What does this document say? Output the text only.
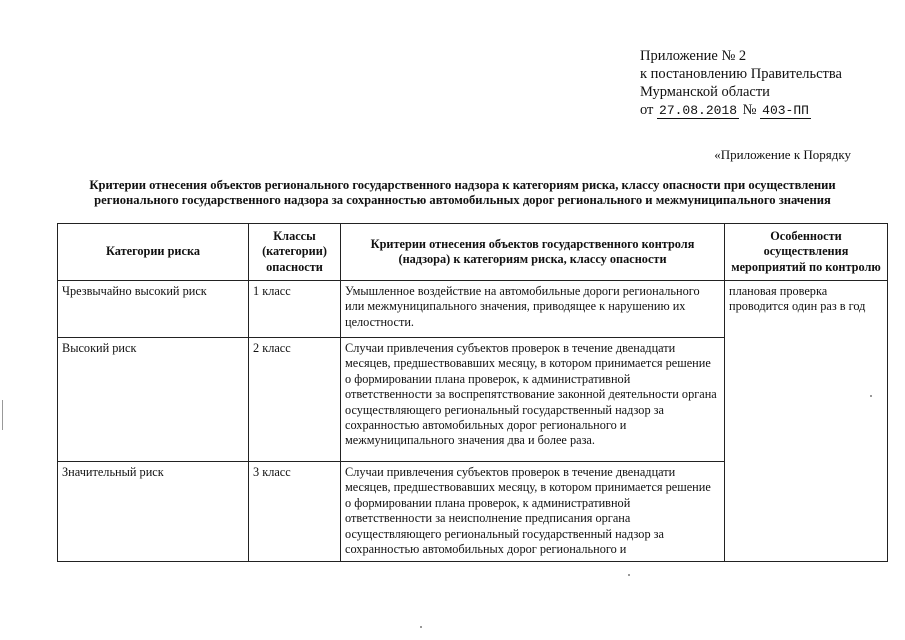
Приложение № 2
к постановлению Правительства
Мурманской области
от 27.08.2018 № 403-ПП
«Приложение к Порядку
Критерии отнесения объектов регионального государственного надзора к категориям риска, классу опасности при осуществлении
регионального государственного надзора за сохранностью автомобильных дорог регионального и межмуниципального значения
Категории риска	Классы (категории) опасности	Критерии отнесения объектов государственного контроля (надзора) к категориям риска, классу опасности	Особенности осуществления мероприятий по контролю
Чрезвычайно высокий риск	1 класс	Умышленное воздействие на автомобильные дороги регионального или межмуниципального значения, приводящее к нарушению их целостности.	плановая проверка проводится один раз в год
Высокий риск	2 класс	Случаи привлечения субъектов проверок в течение двенадцати месяцев, предшествовавших месяцу, в котором принимается решение о формировании плана проверок, к административной ответственности за воспрепятствование законной деятельности органа осуществляющего региональный государственный надзор за сохранностью автомобильных дорог регионального и межмуниципального значения два и более раза.	
Значительный риск	3 класс	Случаи привлечения субъектов проверок в течение двенадцати месяцев, предшествовавших месяцу, в котором принимается решение о формировании плана проверок, к административной ответственности за неисполнение предписания органа осуществляющего региональный государственный надзор за сохранностью автомобильных дорог регионального и	
